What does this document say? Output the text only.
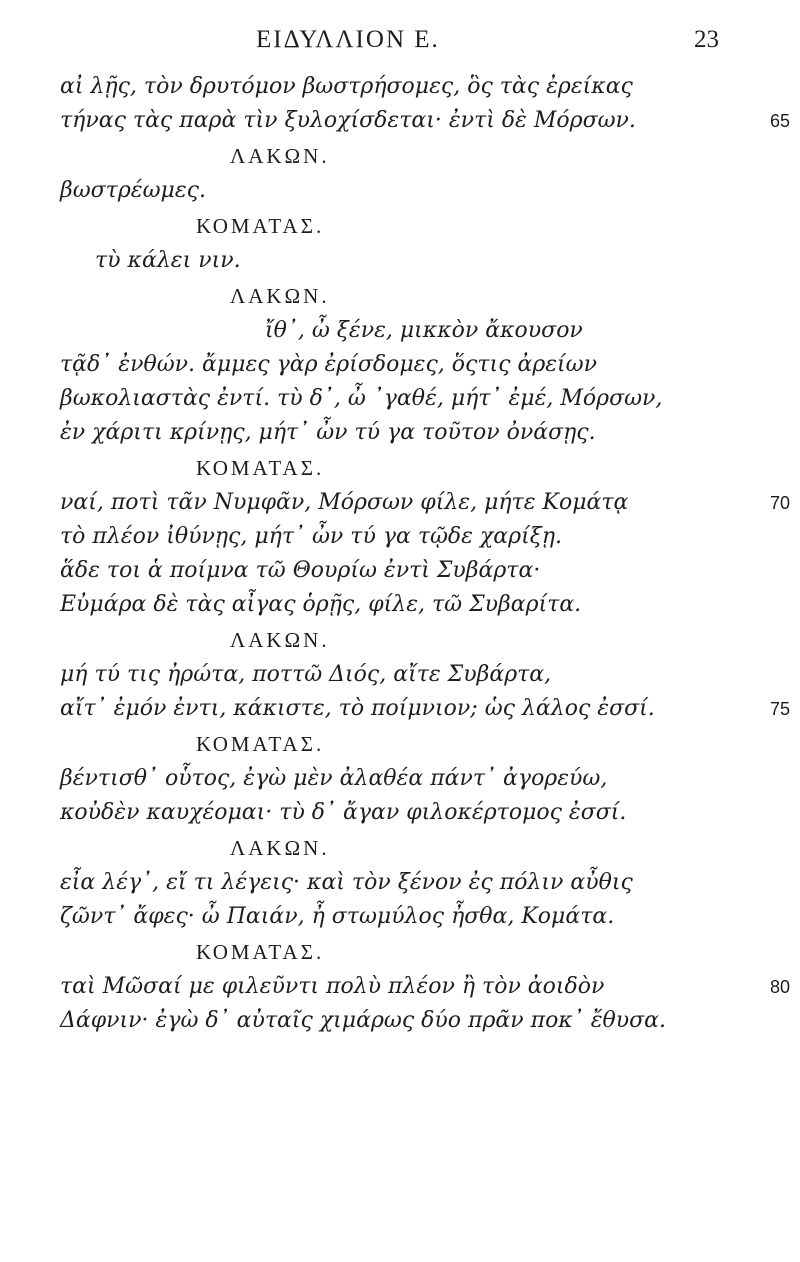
ΕΙΔΥΛΛΙΟΝ Ε.	23
αἰ λῇς, τὸν δρυτόμον βωστρήσομες, ὃς τὰς ἐρείκας
τήνας τὰς παρὰ τὶν ξυλοχίσδεται· ἐντὶ δὲ Μόρσων.	65
ΛΑΚΩΝ.
βωστρέωμες.
ΚΟΜΑΤΑΣ.
τὺ κάλει νιν.
ΛΑΚΩΝ.
ἴθ᾽, ὦ ξένε, μικκὸν ἄκουσον
τᾷδ᾽ ἐνθών. ἄμμες γὰρ ἐρίσδομες, ὅςτις ἀρείων
βωκολιαστὰς ἐντί. τὺ δ᾽, ὦ ᾽γαθέ, μήτ᾽ ἐμέ, Μόρσων,
ἐν χάριτι κρίνῃς, μήτ᾽ ὦν τύ γα τοῦτον ὀνάσῃς.
ΚΟΜΑΤΑΣ.
ναί, ποτὶ τᾶν Νυμφᾶν, Μόρσων φίλε, μήτε Κομάτᾳ	70
τὸ πλέον ἰθύνῃς, μήτ᾽ ὦν τύ γα τῷδε χαρίξῃ.
ἅδε τοι ἁ ποίμνα τῶ Θουρίω ἐντὶ Συβάρτα·
Εὐμάρα δὲ τὰς αἶγας ὁρῇς, φίλε, τῶ Συβαρίτα.
ΛΑΚΩΝ.
μή τύ τις ἠρώτα, ποττῶ Διός, αἴτε Συβάρτα,
αἴτ᾽ ἐμόν ἐντι, κάκιστε, τὸ ποίμνιον; ὡς λάλος ἐσσί.	75
ΚΟΜΑΤΑΣ.
βέντισθ᾽ οὗτος, ἐγὼ μὲν ἀλαθέα πάντ᾽ ἀγορεύω,
κοὐδὲν καυχέομαι· τὺ δ᾽ ἄγαν φιλοκέρτομος ἐσσί.
ΛΑΚΩΝ.
εἶα λέγ᾽, εἴ τι λέγεις· καὶ τὸν ξένον ἐς πόλιν αὖθις
ζῶντ᾽ ἄφες· ὦ Παιάν, ἦ στωμύλος ἦσθα, Κομάτα.
ΚΟΜΑΤΑΣ.
ταὶ Μῶσαί με φιλεῦντι πολὺ πλέον ἢ τὸν ἀοιδὸν	80
Δάφνιν· ἐγὼ δ᾽ αὐταῖς χιμάρως δύο πρᾶν ποκ᾽ ἔθυσα.
